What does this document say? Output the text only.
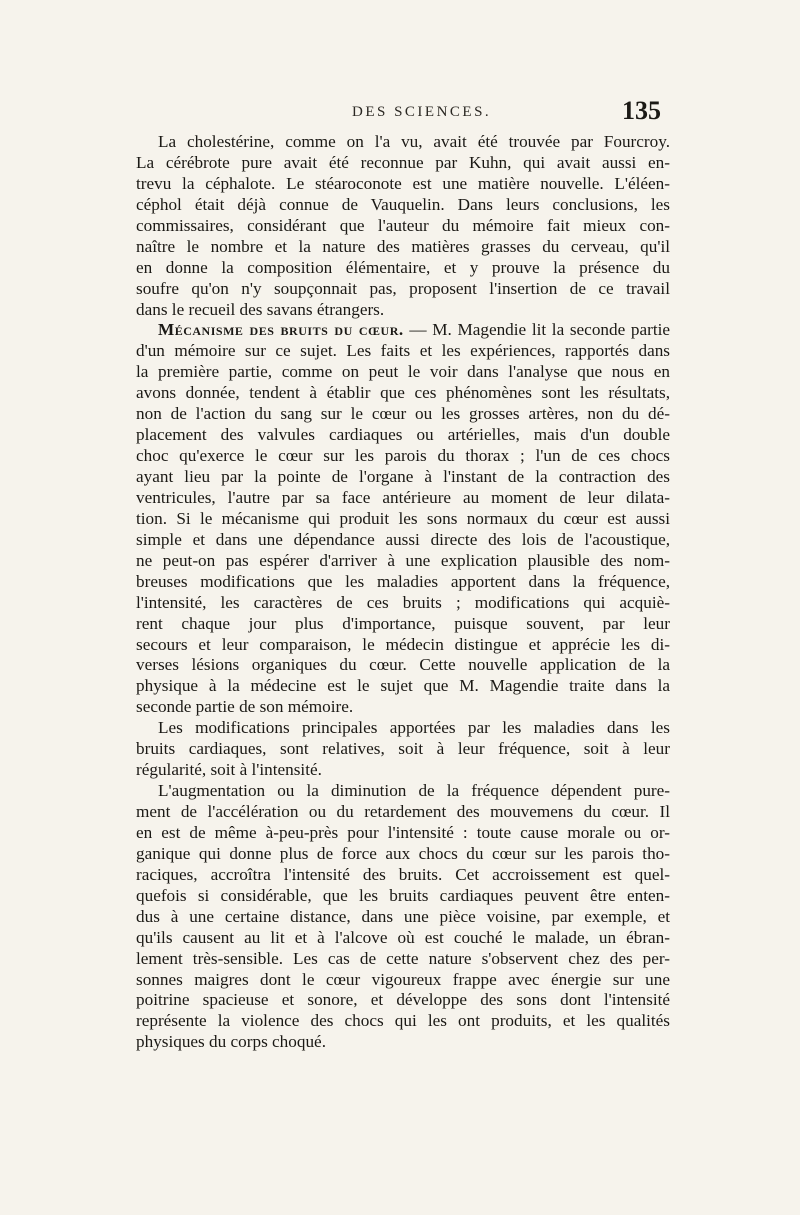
DES SCIENCES.	135
La cholestérine, comme on l'a vu, avait été trouvée par Fourcroy.
La cérébrote pure avait été reconnue par Kuhn, qui avait aussi en-
trevu la céphalote. Le stéaroconote est une matière nouvelle. L'éléen-
céphol était déjà connue de Vauquelin. Dans leurs conclusions, les
commissaires, considérant que l'auteur du mémoire fait mieux con-
naître le nombre et la nature des matières grasses du cerveau, qu'il
en donne la composition élémentaire, et y prouve la présence du
soufre qu'on n'y soupçonnait pas, proposent l'insertion de ce travail
dans le recueil des savans étrangers.
Mécanisme des bruits du cœur. — M. Magendie lit la seconde partie
d'un mémoire sur ce sujet. Les faits et les expériences, rapportés dans
la première partie, comme on peut le voir dans l'analyse que nous en
avons donnée, tendent à établir que ces phénomènes sont les résultats,
non de l'action du sang sur le cœur ou les grosses artères, non du dé-
placement des valvules cardiaques ou artérielles, mais d'un double
choc qu'exerce le cœur sur les parois du thorax ; l'un de ces chocs
ayant lieu par la pointe de l'organe à l'instant de la contraction des
ventricules, l'autre par sa face antérieure au moment de leur dilata-
tion. Si le mécanisme qui produit les sons normaux du cœur est aussi
simple et dans une dépendance aussi directe des lois de l'acoustique,
ne peut-on pas espérer d'arriver à une explication plausible des nom-
breuses modifications que les maladies apportent dans la fréquence,
l'intensité, les caractères de ces bruits ; modifications qui acquiè-
rent chaque jour plus d'importance, puisque souvent, par leur
secours et leur comparaison, le médecin distingue et apprécie les di-
verses lésions organiques du cœur. Cette nouvelle application de la
physique à la médecine est le sujet que M. Magendie traite dans la
seconde partie de son mémoire.
Les modifications principales apportées par les maladies dans les
bruits cardiaques, sont relatives, soit à leur fréquence, soit à leur
régularité, soit à l'intensité.
L'augmentation ou la diminution de la fréquence dépendent pure-
ment de l'accélération ou du retardement des mouvemens du cœur. Il
en est de même à-peu-près pour l'intensité : toute cause morale ou or-
ganique qui donne plus de force aux chocs du cœur sur les parois tho-
raciques, accroîtra l'intensité des bruits. Cet accroissement est quel-
quefois si considérable, que les bruits cardiaques peuvent être enten-
dus à une certaine distance, dans une pièce voisine, par exemple, et
qu'ils causent au lit et à l'alcove où est couché le malade, un ébran-
lement très-sensible. Les cas de cette nature s'observent chez des per-
sonnes maigres dont le cœur vigoureux frappe avec énergie sur une
poitrine spacieuse et sonore, et développe des sons dont l'intensité
représente la violence des chocs qui les ont produits, et les qualités
physiques du corps choqué.
